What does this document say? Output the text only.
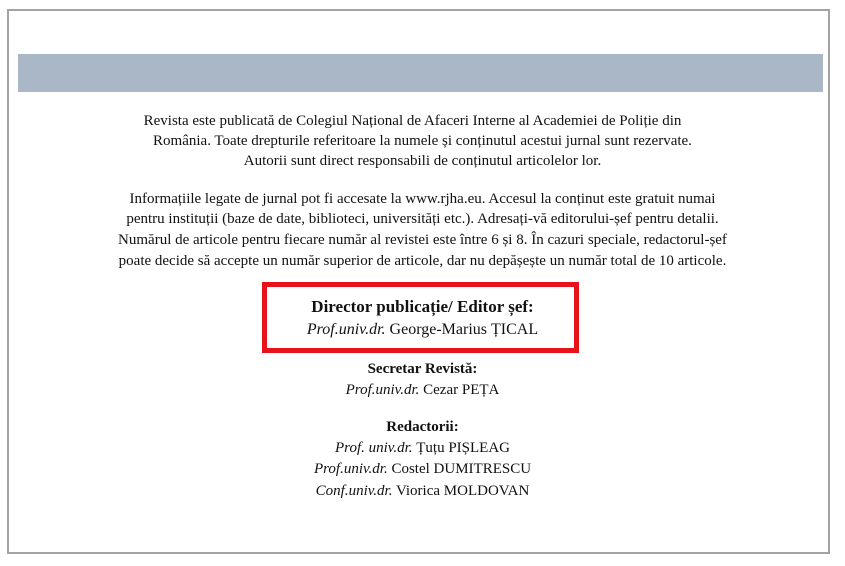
Revista este publicată de Colegiul Național de Afaceri Interne al Academiei de Poliție din
România. Toate drepturile referitoare la numele și conținutul acestui jurnal sunt rezervate.
Autorii sunt direct responsabili de conținutul articolelor lor.
Informațiile legate de jurnal pot fi accesate la www.rjha.eu. Accesul la conținut este gratuit numai
pentru instituții (baze de date, biblioteci, universități etc.). Adresați-vă editorului-șef pentru detalii.
Numărul de articole pentru fiecare număr al revistei este între 6 și 8. În cazuri speciale, redactorul-șef
poate decide să accepte un număr superior de articole, dar nu depășește un număr total de 10 articole.
Director publicație/ Editor șef:
Prof.univ.dr. George-Marius ȚICAL
Secretar Revistă:
Prof.univ.dr. Cezar PEȚA
Redactorii:
Prof. univ.dr. Țuțu PIȘLEAG
Prof.univ.dr. Costel DUMITRESCU
Conf.univ.dr. Viorica MOLDOVAN
